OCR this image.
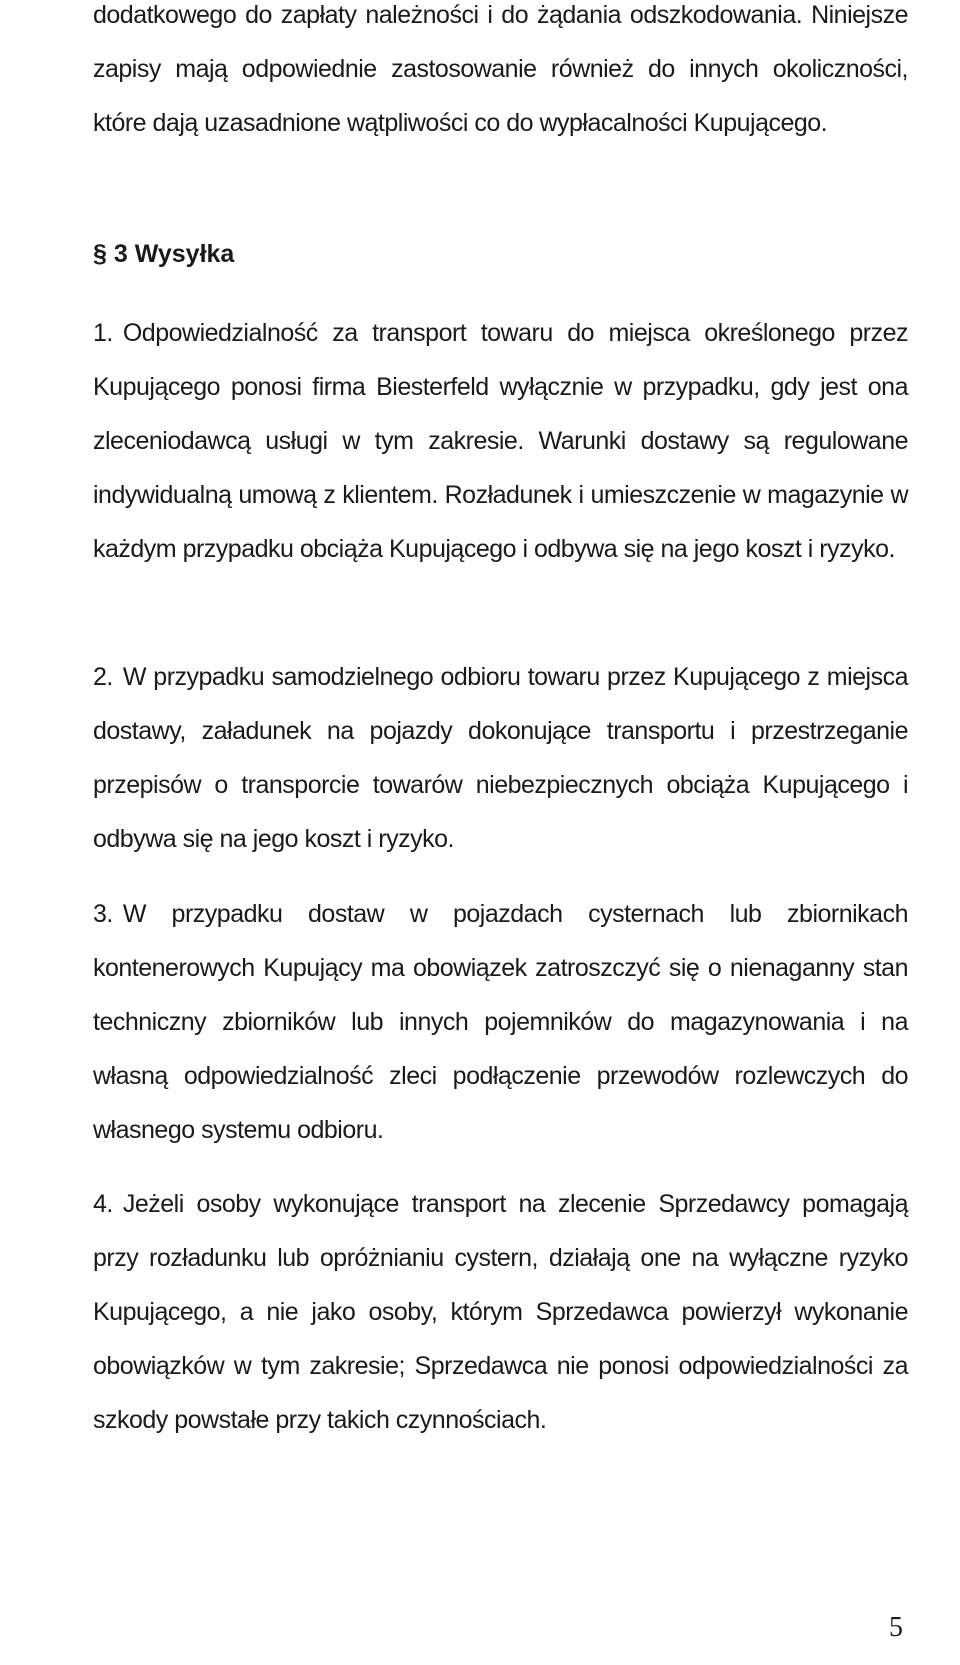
dodatkowego do zapłaty należności i do żądania odszkodowania. Niniejsze zapisy mają odpowiednie zastosowanie również do innych okoliczności, które dają uzasadnione wątpliwości co do wypłacalności Kupującego.

§ 3 Wysyłka

1. Odpowiedzialność za transport towaru do miejsca określonego przez Kupującego ponosi firma Biesterfeld wyłącznie w przypadku, gdy jest ona zleceniodawcą usługi w tym zakresie. Warunki dostawy są regulowane indywidualną umową z klientem. Rozładunek i umieszczenie w magazynie w każdym przypadku obciąża Kupującego i odbywa się na jego koszt i ryzyko.

2. W przypadku samodzielnego odbioru towaru przez Kupującego z miejsca dostawy, załadunek na pojazdy dokonujące transportu i przestrzeganie przepisów o transporcie towarów niebezpiecznych obciąża Kupującego i odbywa się na jego koszt i ryzyko.

3. W przypadku dostaw w pojazdach cysternach lub zbiornikach kontenerowych Kupujący ma obowiązek zatroszczyć się o nienaganny stan techniczny zbiorników lub innych pojemników do magazynowania i na własną odpowiedzialność zleci podłączenie przewodów rozlewczych do własnego systemu odbioru.

4. Jeżeli osoby wykonujące transport na zlecenie Sprzedawcy pomagają przy rozładunku lub opróżnianiu cystern, działają one na wyłączne ryzyko Kupującego, a nie jako osoby, którym Sprzedawca powierzył wykonanie obowiązków w tym zakresie; Sprzedawca nie ponosi odpowiedzialności za szkody powstałe przy takich czynnościach.

5
